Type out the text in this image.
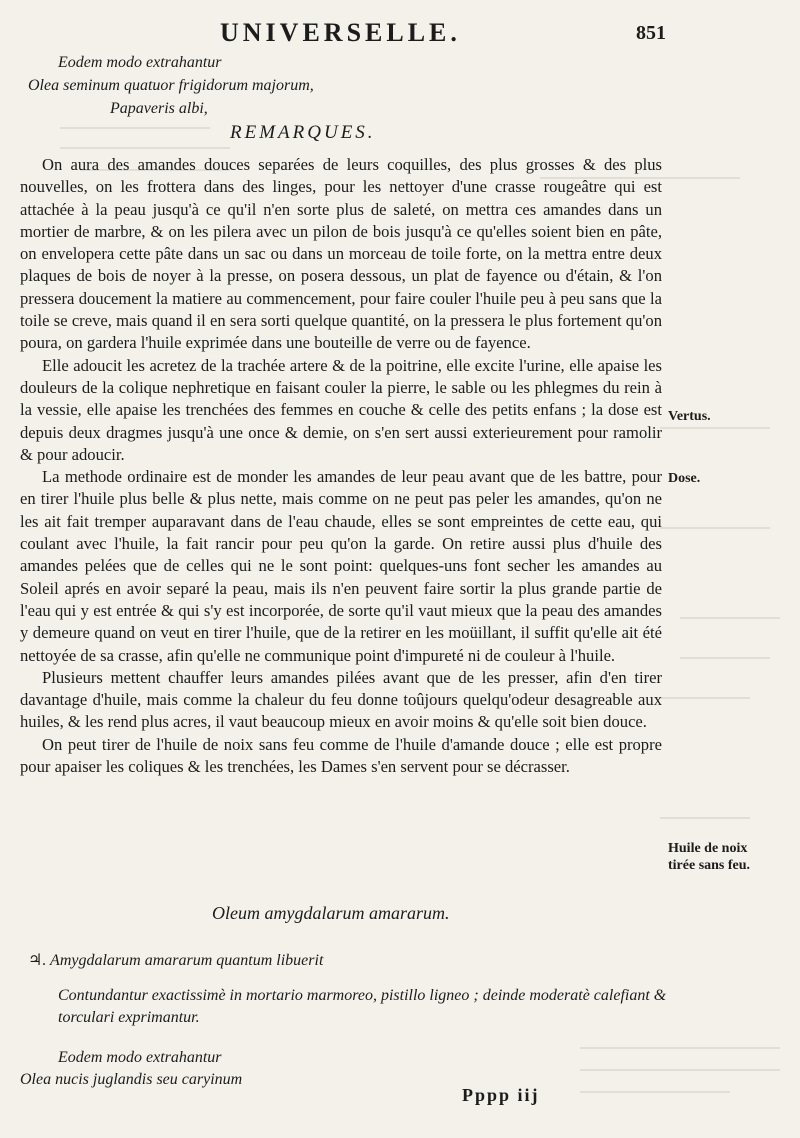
UNIVERSELLE.	851
Eodem modo extrahantur
Olea seminum quatuor frigidorum majorum,
Papaveris albi,
REMARQUES.

On aura des amandes douces separées de leurs coquilles, des plus grosses & des plus nouvelles, on les frottera dans des linges, pour les nettoyer d'une crasse rougeâtre qui est attachée à la peau jusqu'à ce qu'il n'en sorte plus de saleté, on mettra ces amandes dans un mortier de marbre, & on les pilera avec un pilon de bois jusqu'à ce qu'elles soient bien en pâte, on envelopera cette pâte dans un sac ou dans un morceau de toile forte, on la mettra entre deux plaques de bois de noyer à la presse, on posera dessous, un plat de fayence ou d'étain, & l'on pressera doucement la matiere au commencement, pour faire couler l'huile peu à peu sans que la toile se creve, mais quand il en sera sorti quelque quantité, on la pressera le plus fortement qu'on poura, on gardera l'huile exprimée dans une bouteille de verre ou de fayence.

Elle adoucit les acretez de la trachée artere & de la poitrine, elle excite l'urine, elle apaise les douleurs de la colique nephretique en faisant couler la pierre, le sable ou les phlegmes du rein à la vessie, elle apaise les trenchées des femmes en couche & celle des petits enfans ; la dose est depuis deux dragmes jusqu'à une once & demie, on s'en sert aussi exterieurement pour ramolir & pour adoucir.

La methode ordinaire est de monder les amandes de leur peau avant que de les battre, pour en tirer l'huile plus belle & plus nette, mais comme on ne peut pas peler les amandes, qu'on ne les ait fait tremper auparavant dans de l'eau chaude, elles se sont empreintes de cette eau, qui coulant avec l'huile, la fait rancir pour peu qu'on la garde. On retire aussi plus d'huile des amandes pelées que de celles qui ne le sont point: quelques-uns font secher les amandes au Soleil aprés en avoir separé la peau, mais ils n'en peuvent faire sortir la plus grande partie de l'eau qui y est entrée & qui s'y est incorporée, de sorte qu'il vaut mieux que la peau des amandes y demeure quand on veut en tirer l'huile, que de la retirer en les moüillant, il suffit qu'elle ait été nettoyée de sa crasse, afin qu'elle ne communique point d'impureté ni de couleur à l'huile.

Plusieurs mettent chauffer leurs amandes pilées avant que de les presser, afin d'en tirer davantage d'huile, mais comme la chaleur du feu donne toûjours quelqu'odeur desagreable aux huiles, & les rend plus acres, il vaut beaucoup mieux en avoir moins & qu'elle soit bien douce.

On peut tirer de l'huile de noix sans feu comme de l'huile d'amande douce ; elle est propre pour apaiser les coliques & les trenchées, les Dames s'en servent pour se décrasser.

Vertus.
Dose.
Huile de noix
tirée sans feu.
Oleum amygdalarum amararum.
♃. Amygdalarum amararum quantum libuerit
Contundantur exactissimè in mortario marmoreo, pistillo ligneo ; deinde moderatè calefiant & torculari exprimantur.
Eodem modo extrahantur
Olea nucis juglandis seu caryinum
Pppp iij
